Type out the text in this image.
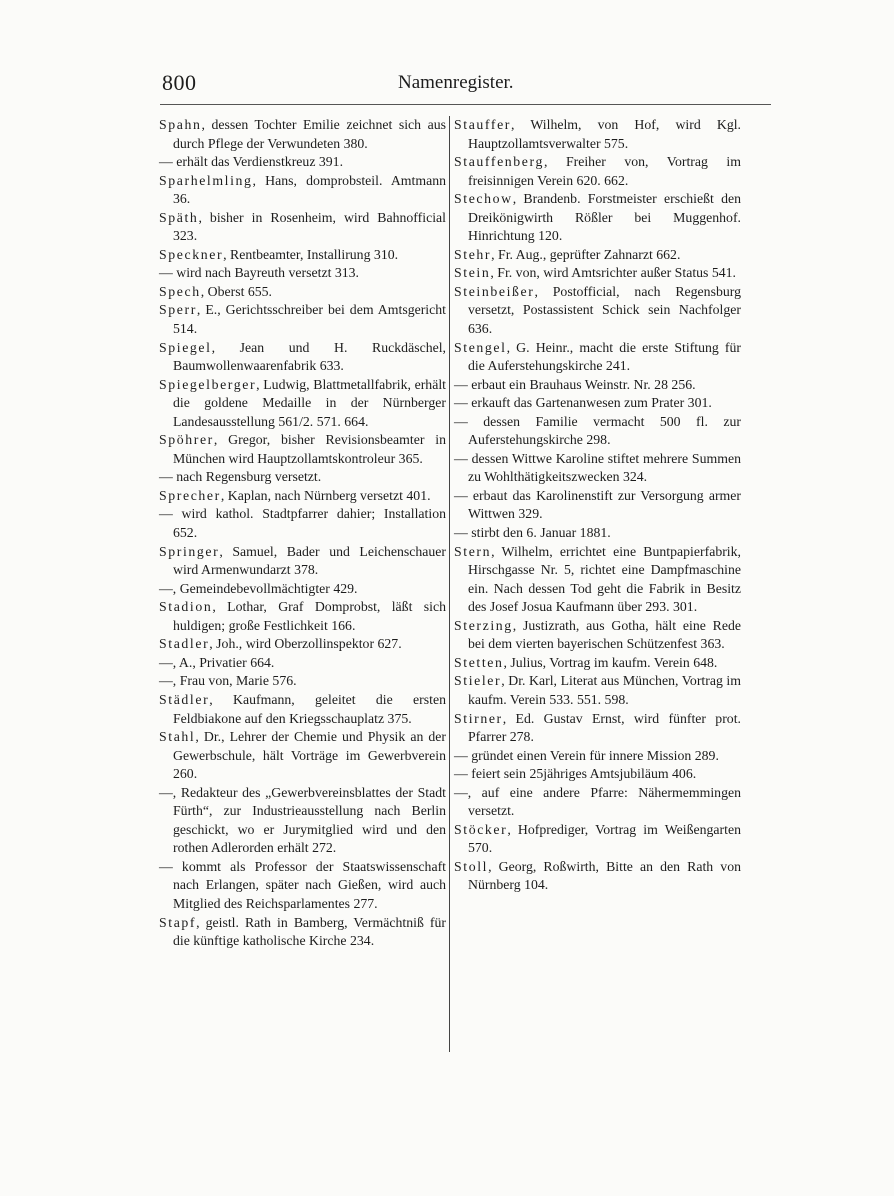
800	Namenregister.
Spahn, dessen Tochter Emilie zeichnet sich aus durch Pflege der Verwundeten 380.
— erhält das Verdienstkreuz 391.
Sparhelmling, Hans, domprobsteil. Amtmann 36.
Späth, bisher in Rosenheim, wird Bahnofficial 323.
Speckner, Rentbeamter, Installirung 310.
— wird nach Bayreuth versetzt 313.
Spech, Oberst 655.
Sperr, E., Gerichtsschreiber bei dem Amtsgericht 514.
Spiegel, Jean und H. Ruckdäschel, Baumwollenwaarenfabrik 633.
Spiegelberger, Ludwig, Blattmetallfabrik, erhält die goldene Medaille in der Nürnberger Landesausstellung 561/2. 571. 664.
Spöhrer, Gregor, bisher Revisionsbeamter in München wird Hauptzollamtskontroleur 365.
— nach Regensburg versetzt.
Sprecher, Kaplan, nach Nürnberg versetzt 401.
— wird kathol. Stadtpfarrer dahier; Installation 652.
Springer, Samuel, Bader und Leichenschauer wird Armenwundarzt 378.
—, Gemeindebevollmächtigter 429.
Stadion, Lothar, Graf Domprobst, läßt sich huldigen; große Festlichkeit 166.
Stadler, Joh., wird Oberzollinspektor 627.
—, A., Privatier 664.
—, Frau von, Marie 576.
Städler, Kaufmann, geleitet die ersten Feldbiakone auf den Kriegsschauplatz 375.
Stahl, Dr., Lehrer der Chemie und Physik an der Gewerbschule, hält Vorträge im Gewerbverein 260.
—, Redakteur des „Gewerbvereinsblattes der Stadt Fürth“, zur Industrieausstellung nach Berlin geschickt, wo er Jurymitglied wird und den rothen Adlerorden erhält 272.
— kommt als Professor der Staatswissenschaft nach Erlangen, später nach Gießen, wird auch Mitglied des Reichsparlamentes 277.
Stapf, geistl. Rath in Bamberg, Vermächtniß für die künftige katholische Kirche 234.
Stauffer, Wilhelm, von Hof, wird Kgl. Hauptzollamtsverwalter 575.
Stauffenberg, Freiher von, Vortrag im freisinnigen Verein 620. 662.
Stechow, Brandenb. Forstmeister erschießt den Dreikönigwirth Rößler bei Muggenhof. Hinrichtung 120.
Stehr, Fr. Aug., geprüfter Zahnarzt 662.
Stein, Fr. von, wird Amtsrichter außer Status 541.
Steinbeißer, Postofficial, nach Regensburg versetzt, Postassistent Schick sein Nachfolger 636.
Stengel, G. Heinr., macht die erste Stiftung für die Auferstehungskirche 241.
— erbaut ein Brauhaus Weinstr. Nr. 28 256.
— erkauft das Gartenanwesen zum Prater 301.
— dessen Familie vermacht 500 fl. zur Auferstehungskirche 298.
— dessen Wittwe Karoline stiftet mehrere Summen zu Wohlthätigkeitszwecken 324.
— erbaut das Karolinenstift zur Versorgung armer Wittwen 329.
— stirbt den 6. Januar 1881.
Stern, Wilhelm, errichtet eine Buntpapierfabrik, Hirschgasse Nr. 5, richtet eine Dampfmaschine ein. Nach dessen Tod geht die Fabrik in Besitz des Josef Josua Kaufmann über 293. 301.
Sterzing, Justizrath, aus Gotha, hält eine Rede bei dem vierten bayerischen Schützenfest 363.
Stetten, Julius, Vortrag im kaufm. Verein 648.
Stieler, Dr. Karl, Literat aus München, Vortrag im kaufm. Verein 533. 551. 598.
Stirner, Ed. Gustav Ernst, wird fünfter prot. Pfarrer 278.
— gründet einen Verein für innere Mission 289.
— feiert sein 25jähriges Amtsjubiläum 406.
—, auf eine andere Pfarre: Nähermemmingen versetzt.
Stöcker, Hofprediger, Vortrag im Weißengarten 570.
Stoll, Georg, Roßwirth, Bitte an den Rath von Nürnberg 104.
